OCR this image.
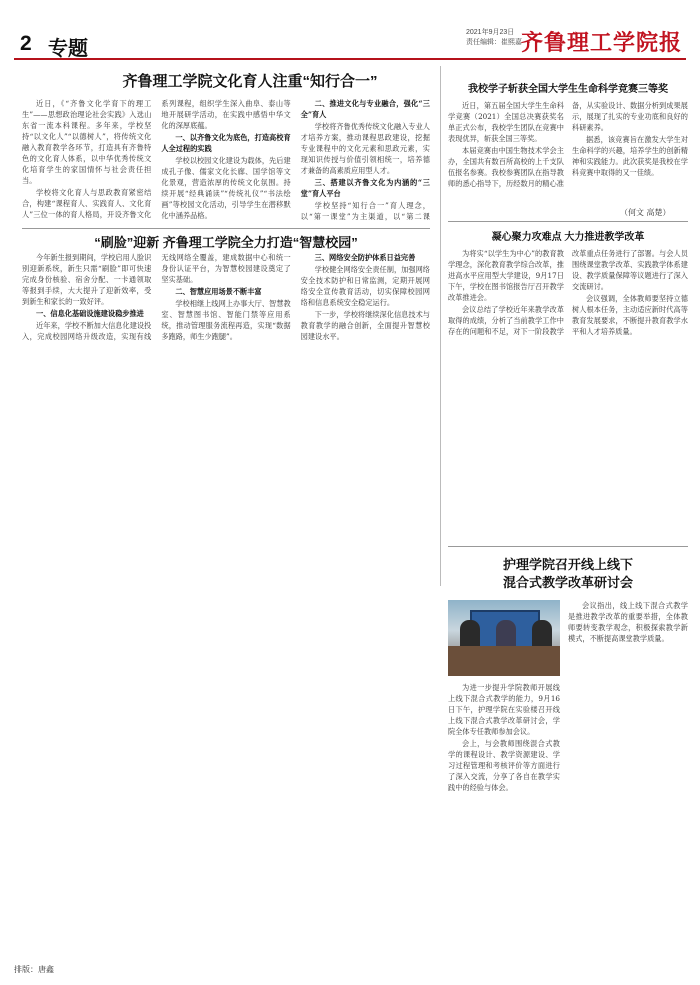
2 专题
2021年9月23日
责任编辑：崔熙嘉
齐鲁理工学院报
齐鲁理工学院文化育人注重“知行合一”

近日，《“齐鲁文化学育下的理工生”——思想政治理论社会实践》入选山东省一流本科课程。多年来，学校坚持“以文化人”“以德树人”，将传统文化融入教育教学各环节，打造具有齐鲁特色的文化育人体系，以中华优秀传统文化培育学生的家国情怀与社会责任担当。

学校将文化育人与思政教育紧密结合，构建“课程育人、实践育人、文化育人”三位一体的育人格局，开设齐鲁文化系列课程，组织学生深入曲阜、泰山等地开展研学活动，在实践中感悟中华文化的深厚底蕴。

一、以齐鲁文化为底色，打造高校育人全过程的实践

学校以校园文化建设为载体，先后建成孔子像、儒家文化长廊、国学馆等文化景观，营造浓厚的传统文化氛围。持续开展“经典诵读”“传统礼仪”“书法绘画”等校园文化活动，引导学生在潜移默化中涵养品格。

二、推进文化与专业融合，强化“三全”育人

学校将齐鲁优秀传统文化融入专业人才培养方案，推动课程思政建设，挖掘专业课程中的文化元素和思政元素，实现知识传授与价值引领相统一，培养德才兼备的高素质应用型人才。

三、搭建以齐鲁文化为内涵的“三堂”育人平台

学校坚持“知行合一”育人理念，以“第一课堂”为主渠道，以“第二课

我校学子斩获全国大学生生命科学竞赛三等奖

近日，第五届全国大学生生命科学竞赛（2021）全国总决赛获奖名单正式公布，我校学生团队在竞赛中表现优异，斩获全国三等奖。

本届竞赛由中国生物技术学会主办，全国共有数百所高校的上千支队伍报名参赛。我校参赛团队在指导教师的悉心指导下，历经数月的精心准备，从实验设计、数据分析到成果展示，展现了扎实的专业功底和良好的科研素养。

据悉，该竞赛旨在激发大学生对生命科学的兴趣，培养学生的创新精神和实践能力。此次获奖是我校在学科竞赛中取得的又一佳绩。

（何文 高楚）
凝心聚力攻难点 大力推进教学改革

为将实“以学生为中心”的教育教学理念，深化教育教学综合改革，推进高水平应用型大学建设，9月17日下午，学校在图书馆报告厅召开教学改革推进会。

会议总结了学校近年来教学改革取得的成绩，分析了当前教学工作中存在的问题和不足，对下一阶段教学改革重点任务进行了部署。与会人员围绕课堂教学改革、实践教学体系建设、教学质量保障等议题进行了深入交流研讨。

会议强调，全体教师要坚持立德树人根本任务，主动适应新时代高等教育发展要求，不断提升教育教学水平和人才培养质量。

“刷脸”迎新 齐鲁理工学院全力打造“智慧校园”

今年新生报到期间，学校启用人脸识别迎新系统，新生只需“刷脸”即可快速完成身份核验、宿舍分配、一卡通领取等报到手续，大大提升了迎新效率，受到新生和家长的一致好评。

一、信息化基础设施建设稳步推进

近年来，学校不断加大信息化建设投入，完成校园网络升级改造，实现有线无线网络全覆盖，建成数据中心和统一身份认证平台，为智慧校园建设奠定了坚实基础。

二、智慧应用场景不断丰富

学校相继上线网上办事大厅、智慧教室、智慧图书馆、智能门禁等应用系统，推动管理服务流程再造，实现“数据多跑路，师生少跑腿”。

三、网络安全防护体系日益完善

学校健全网络安全责任制，加强网络安全技术防护和日常监测，定期开展网络安全宣传教育活动，切实保障校园网络和信息系统安全稳定运行。

下一步，学校将继续深化信息技术与教育教学的融合创新，全面提升智慧校园建设水平。

护理学院召开线上线下
混合式教学改革研讨会

为进一步提升学院教师开展线上线下混合式教学的能力，9月16日下午，护理学院在实验楼召开线上线下混合式教学改革研讨会，学院全体专任教师参加会议。

会上，与会教师围绕混合式教学的课程设计、教学资源建设、学习过程管理和考核评价等方面进行了深入交流，分享了各自在教学实践中的经验与体会。

会议指出，线上线下混合式教学是推进教学改革的重要举措，全体教师要转变教学观念，积极探索教学新模式，不断提高课堂教学质量。

排版：唐鑫
